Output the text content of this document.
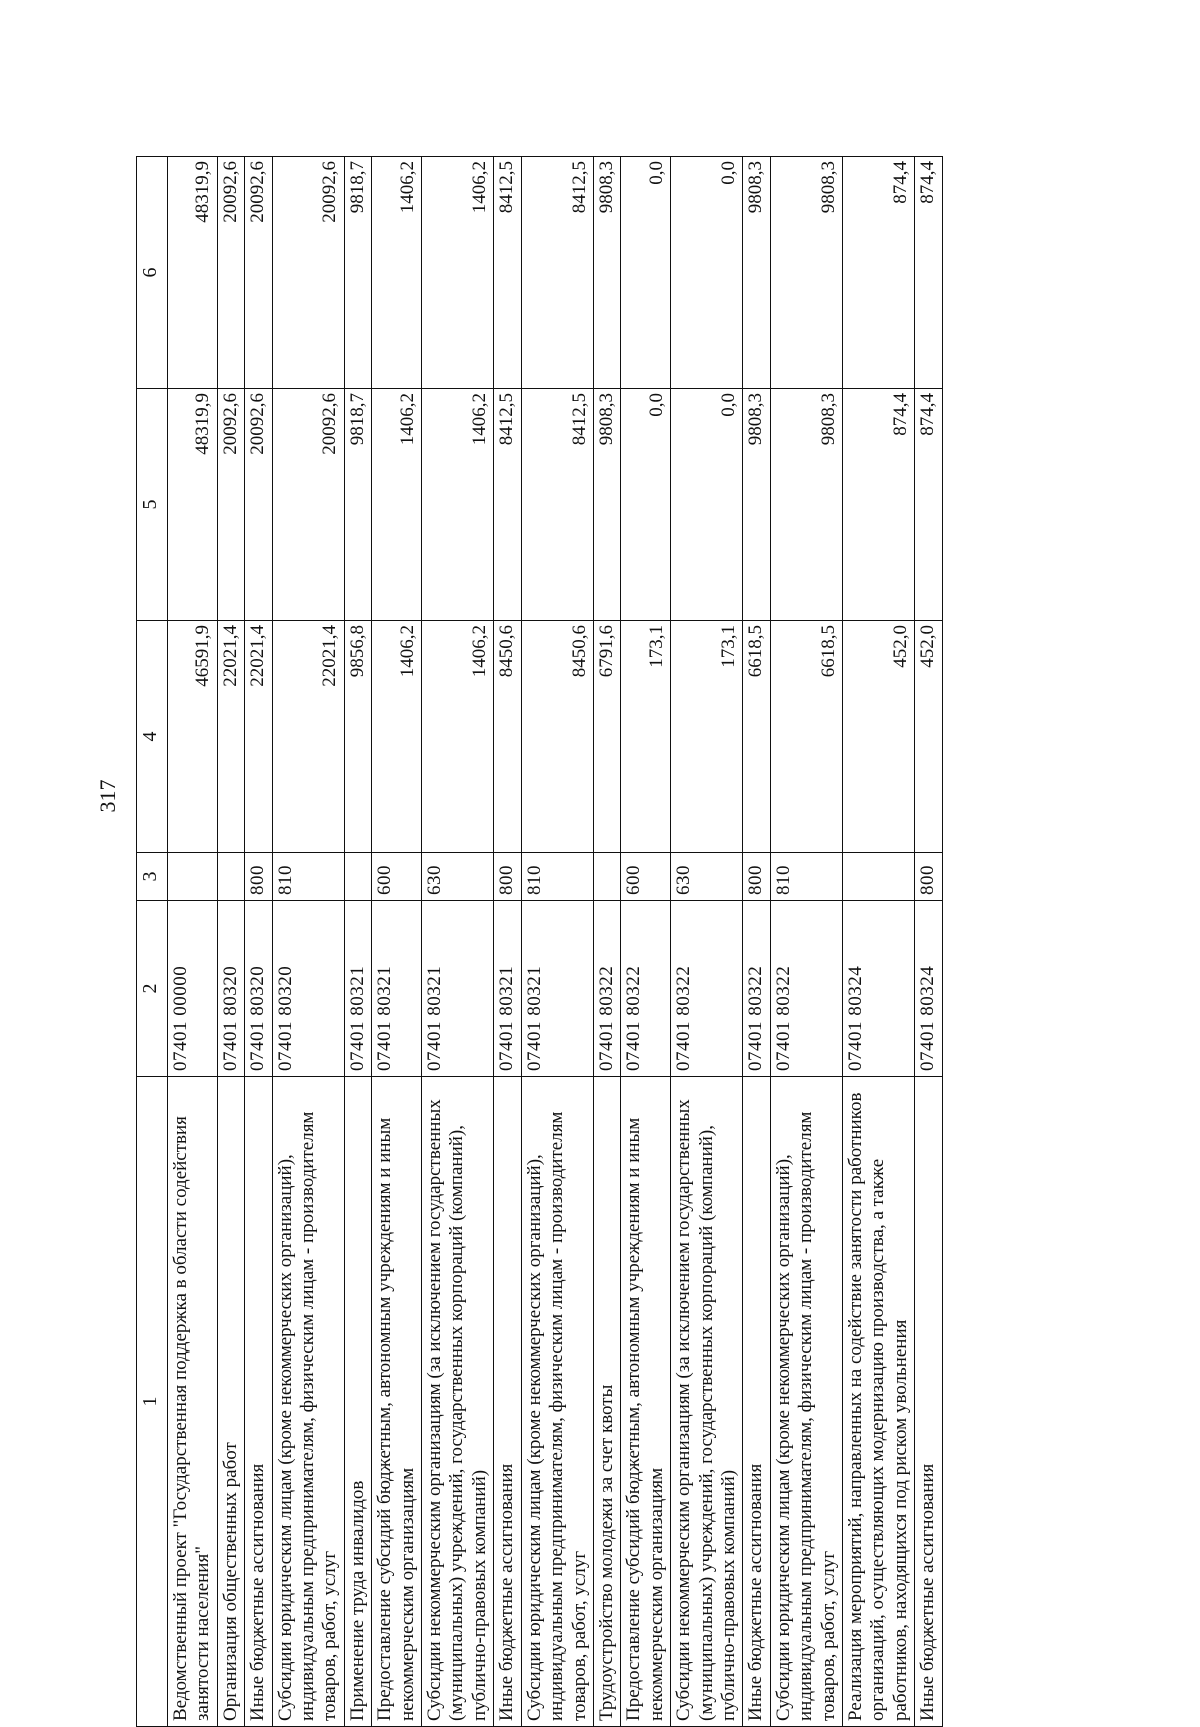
317
1	2	3	4	5	6
Ведомственный проект "Государственная поддержка в области содействия занятости населения"	07401 00000		46591,9	48319,9	48319,9
Организация общественных работ	07401 80320		22021,4	20092,6	20092,6
Иные бюджетные ассигнования	07401 80320	800	22021,4	20092,6	20092,6
Субсидии юридическим лицам (кроме некоммерческих организаций), индивидуальным предпринимателям, физическим лицам - производителям товаров, работ, услуг	07401 80320	810	22021,4	20092,6	20092,6
Применение труда инвалидов	07401 80321		9856,8	9818,7	9818,7
Предоставление субсидий бюджетным, автономным учреждениям и иным некоммерческим организациям	07401 80321	600	1406,2	1406,2	1406,2
Субсидии некоммерческим организациям (за исключением государственных (муниципальных) учреждений, государственных корпораций (компаний), публично-правовых компаний)	07401 80321	630	1406,2	1406,2	1406,2
Иные бюджетные ассигнования	07401 80321	800	8450,6	8412,5	8412,5
Субсидии юридическим лицам (кроме некоммерческих организаций), индивидуальным предпринимателям, физическим лицам - производителям товаров, работ, услуг	07401 80321	810	8450,6	8412,5	8412,5
Трудоустройство молодежи за счет квоты	07401 80322		6791,6	9808,3	9808,3
Предоставление субсидий бюджетным, автономным учреждениям и иным некоммерческим организациям	07401 80322	600	173,1	0,0	0,0
Субсидии некоммерческим организациям (за исключением государственных (муниципальных) учреждений, государственных корпораций (компаний), публично-правовых компаний)	07401 80322	630	173,1	0,0	0,0
Иные бюджетные ассигнования	07401 80322	800	6618,5	9808,3	9808,3
Субсидии юридическим лицам (кроме некоммерческих организаций), индивидуальным предпринимателям, физическим лицам - производителям товаров, работ, услуг	07401 80322	810	6618,5	9808,3	9808,3
Реализация мероприятий, направленных на содействие занятости работников организаций, осуществляющих модернизацию производства, а также работников, находящихся под риском увольнения	07401 80324		452,0	874,4	874,4
Иные бюджетные ассигнования	07401 80324	800	452,0	874,4	874,4
